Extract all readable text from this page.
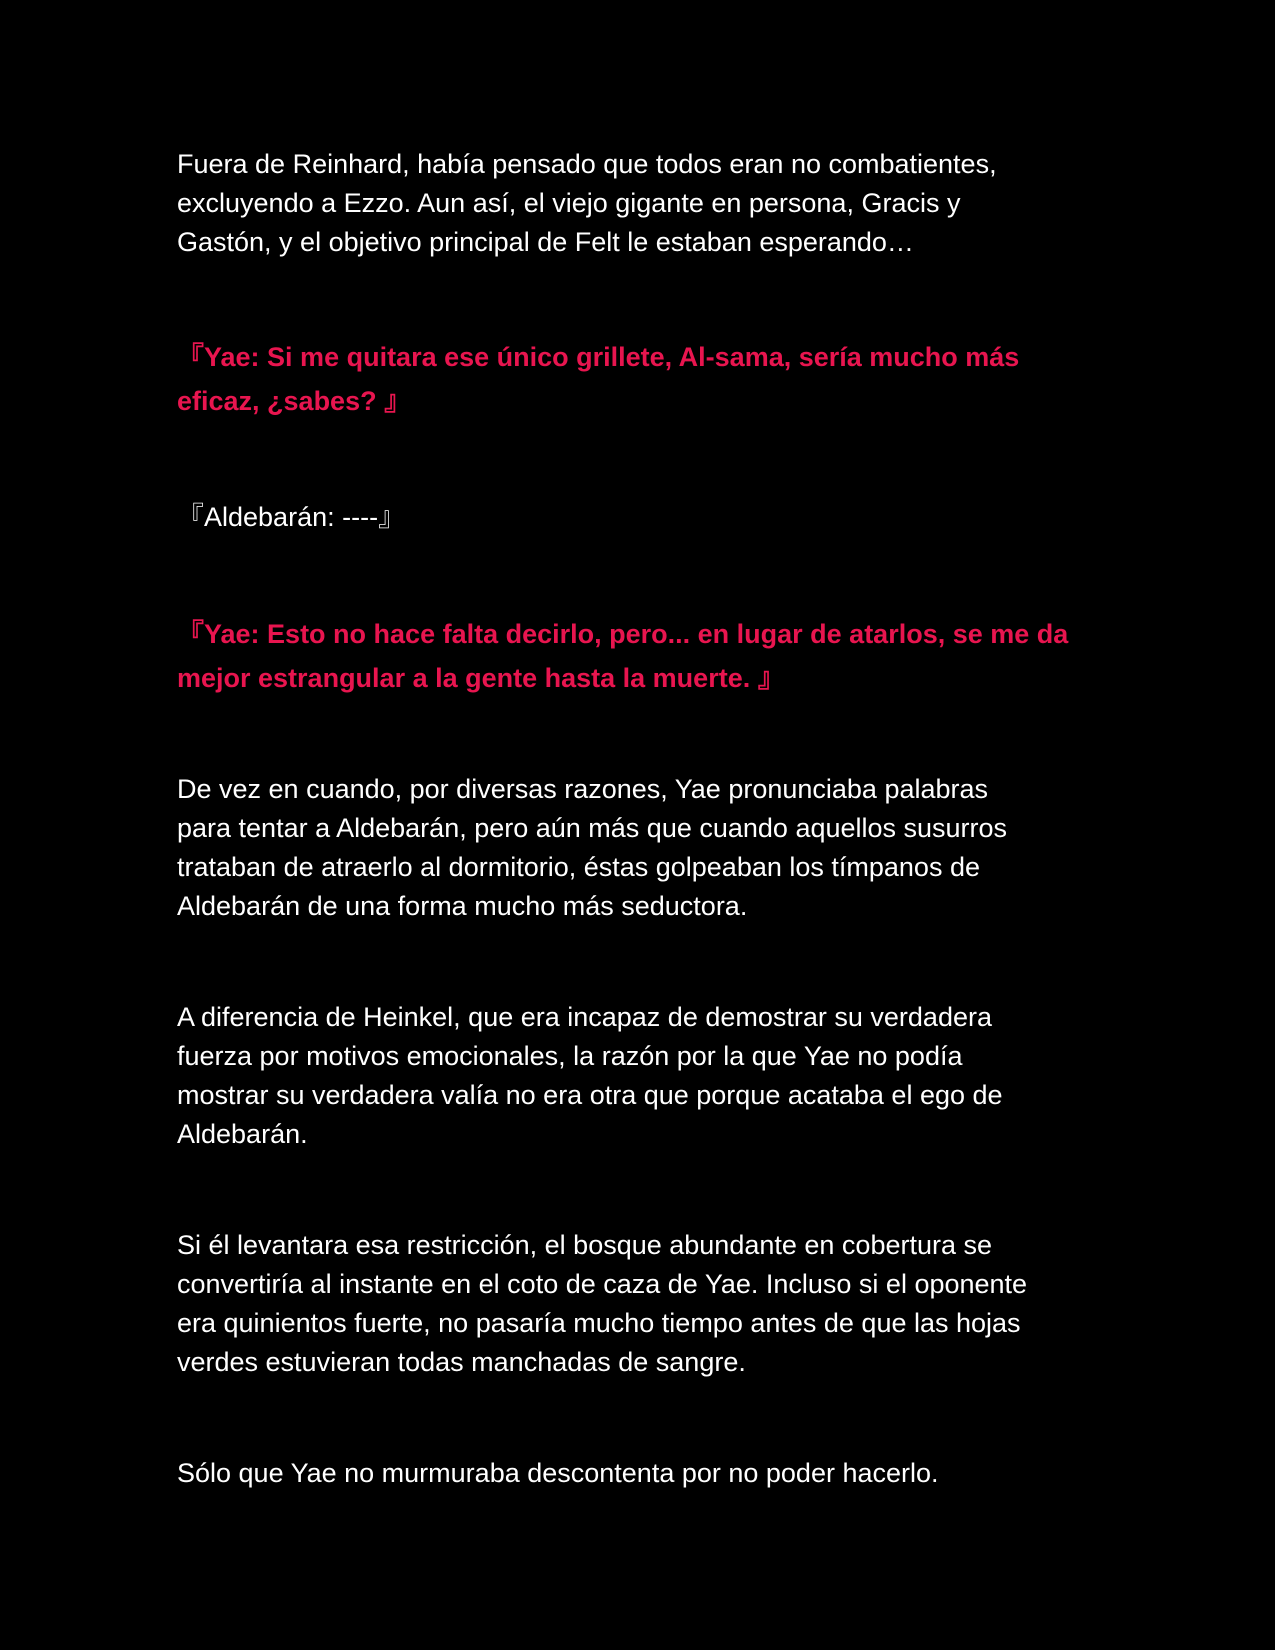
Fuera de Reinhard, había pensado que todos eran no combatientes,
excluyendo a Ezzo. Aun así, el viejo gigante en persona, Gracis y
Gastón, y el objetivo principal de Felt le estaban esperando…

『Yae: Si me quitara ese único grillete, Al-sama, sería mucho más
eficaz, ¿sabes? 』

『Aldebarán: ----』

『Yae: Esto no hace falta decirlo, pero... en lugar de atarlos, se me da
mejor estrangular a la gente hasta la muerte. 』

De vez en cuando, por diversas razones, Yae pronunciaba palabras
para tentar a Aldebarán, pero aún más que cuando aquellos susurros
trataban de atraerlo al dormitorio, éstas golpeaban los tímpanos de
Aldebarán de una forma mucho más seductora.

A diferencia de Heinkel, que era incapaz de demostrar su verdadera
fuerza por motivos emocionales, la razón por la que Yae no podía
mostrar su verdadera valía no era otra que porque acataba el ego de
Aldebarán.

Si él levantara esa restricción, el bosque abundante en cobertura se
convertiría al instante en el coto de caza de Yae. Incluso si el oponente
era quinientos fuerte, no pasaría mucho tiempo antes de que las hojas
verdes estuvieran todas manchadas de sangre.

Sólo que Yae no murmuraba descontenta por no poder hacerlo.
